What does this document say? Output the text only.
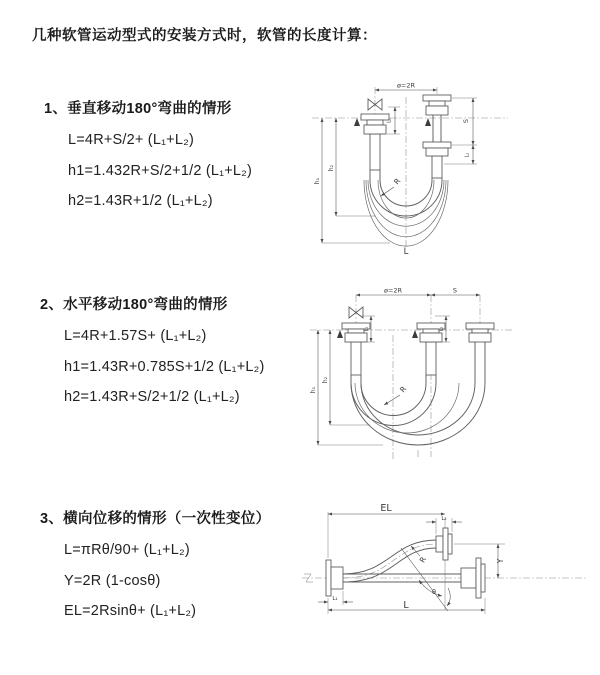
几种软管运动型式的安装方式时，软管的长度计算：
1、垂直移动180°弯曲的情形
L=4R+S/2+ (L₁+L₂)
h1=1.432R+S/2+1/2 (L₁+L₂)
h2=1.43R+1/2 (L₁+L₂)
2、水平移动180°弯曲的情形
L=4R+1.57S+ (L₁+L₂)
h1=1.43R+0.785S+1/2 (L₁+L₂)
h2=1.43R+S/2+1/2 (L₁+L₂)
3、横向位移的情形（一次性变位）
L=πRθ/90+ (L₁+L₂)
Y=2R (1-cosθ)
EL=2Rsinθ+ (L₁+L₂)
ø=2R
S
L₂
L₁
h₁
h₂
R
L
ø=2R	S
h₁
h₂
L₁	L₂
R
EL
L₂
Y
L
L₁
R
θ
